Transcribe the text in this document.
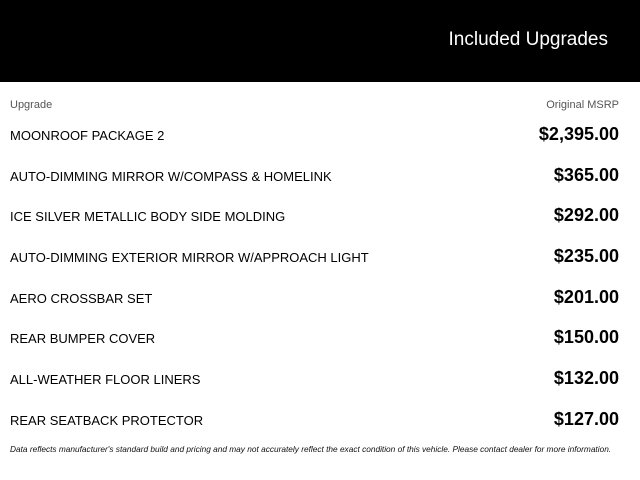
Included Upgrades
Upgrade	Original MSRP
MOONROOF PACKAGE 2	$2,395.00
AUTO-DIMMING MIRROR W/COMPASS & HOMELINK	$365.00
ICE SILVER METALLIC BODY SIDE MOLDING	$292.00
AUTO-DIMMING EXTERIOR MIRROR W/APPROACH LIGHT	$235.00
AERO CROSSBAR SET	$201.00
REAR BUMPER COVER	$150.00
ALL-WEATHER FLOOR LINERS	$132.00
REAR SEATBACK PROTECTOR	$127.00
Data reflects manufacturer's standard build and pricing and may not accurately reflect the exact condition of this vehicle. Please contact dealer for more information.
